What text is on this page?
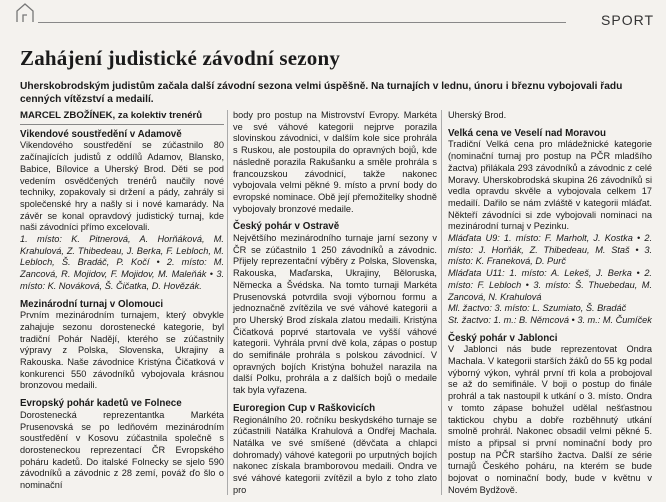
SPORT
Zahájení judistické závodní sezony
Uherskobrodským judistům začala další závodní sezona velmi úspěšně. Na turnajích v lednu, únoru i březnu vybojovali řadu cenných vítězství a medailí.
MARCEL ZBOŽÍNEK, za kolektiv trenérů
Vikendové soustředění v Adamově

Vikendového soustředění se zúčastnilo 80 začínajících judistů z oddílů Adamov, Blansko, Babice, Bílovice a Uherský Brod. Děti se pod vedením osvědčených trenérů naučily nové techniky, zopakovaly si držení a pády, zahrály si společenské hry a našly si i nové kamarády. Na závěr se konal opravdový judistický turnaj, kde naši závodníci přímo excelovali.

1. místo: K. Pitnerová, A. Horňáková, M. Krahulová, Z. Thibedeau, J. Berka, F. Lebloch, M. Lebloch, Š. Bradáč, P. Kočí • 2. místo: M. Zancová, R. Mojidov, F. Mojidov, M. Maleňák • 3. místo: K. Nováková, Š. Čičatka, D. Hovězák.

Mezinárodní turnaj v Olomouci

Prvním mezinárodním turnajem, který obvykle zahajuje sezonu dorostenecké kategorie, byl tradiční Pohár Nadějí, kterého se zúčastnily výpravy z Polska, Slovenska, Ukrajiny a Rakouska. Naše závodnice Kristýna Čičatková v konkurenci 550 závodníků vybojovala krásnou bronzovou medaili.

Evropský pohár kadetů ve Folnece

Dorostenecká reprezentantka Markéta Prusenovská se po ledňovém mezinárodním soustředění v Kosovu zúčastnila společně s dorosteneckou reprezentací ČR Evropského poháru kadetů. Do italské Folnecky se sjelo 590 závodníků a závodnic z 28 zemí, pováž ďo šlo o nominační

body pro postup na Mistrovství Evropy. Markéta ve své váhové kategorii nejprve porazila slovinskou závodnici, v dalším kole sice prohrála s Ruskou, ale postoupila do opravných bojů, kde následně porazila Rakušanku a směle prohrála s francouzskou závodnicí, takže nakonec vybojovala velmi pěkné 9. místo a první body do evropské nominace. Obě její přemožitelky shodně vybojovaly bronzové medaile.

Český pohár v Ostravě

Největšího mezinárodního turnaje jarní sezony v ČR se zúčastnilo 1 250 závodníků a závodnic. Přijely reprezentační výběry z Polska, Slovenska, Rakouska, Maďarska, Ukrajiny, Běloruska, Německa a Švédska. Na tomto turnaji Markéta Prusenovská potvrdila svoji výbornou formu a jednoznačně zvítězila ve své váhové kategorii a pro Uherský Brod získala zlatou medaili. Kristýna Čičatková poprvé startovala ve vyšší váhové kategorii. Vyhrála první dvě kola, zápas o postup do semifinále prohrála s polskou závodnicí. V opravných bojích Kristýna bohužel narazila na další Polku, prohrála a z dalších bojů o medaile tak byla vyřazena.

Euroregion Cup v Raškovicích

Regionálního 20. ročníku beskydského turnaje se zúčastnili Natálka Krahulová a Ondřej Machala. Natálka ve své smíšené (děvčata a chlapci dohromady) váhové kategorii po urputných bojích nakonec získala bramborovou medaili. Ondra ve své váhové kategorii zvítězil a bylo z toho zlato pro

Uherský Brod.

Velká cena ve Veselí nad Moravou

Tradiční Velká cena pro mládežnické kategorie (nominační turnaj pro postup na PČR mladšího žactva) přilákala 293 závodníků a závodnic z celé Moravy. Uherskobrodská skupina 26 závodníků si vedla opravdu skvěle a vybojovala celkem 17 medailí. Dařilo se nám zvláště v kategorii mláďat. Někteří závodníci si zde vybojovali nominaci na mezinárodní turnaj v Pezinku.

Mláďata U9: 1. místo: F. Marholt, J. Kostka • 2. místo: J. Horňák, Z. Thibedeau, M. Staš • 3. místo: K. Franeková, D. Purč

Mláďata U11: 1. místo: A. Lekeš, J. Berka • 2. místo: F. Lebloch • 3. místo: Š. Thuebedau, M. Zancová, N. Krahulová

Ml. žactvo: 3. místo: L. Szumiato, Š. Bradáč

St. žactvo: 1. m.: B. Němcová • 3. m.: M. Čumíček

Český pohár v Jablonci

V Jablonci nás bude reprezentovat Ondra Machala. V kategorii starších žáků do 55 kg podal výborný výkon, vyhrál první tři kola a probojoval se až do semifinále. V boji o postup do finále prohrál a tak nastoupil k utkání o 3. místo. Ondra v tomto zápase bohužel udělal nešťastnou taktickou chybu a dobře rozběhnutý utkání smolně prohrál. Nakonec obsadil velmi pěkné 5. místo a připsal si první nominační body pro postup na PČR staršího žactva. Další ze série turnajů Českého poháru, na kterém se bude bojovat o nominační body, bude v květnu v Novém Bydžově.
